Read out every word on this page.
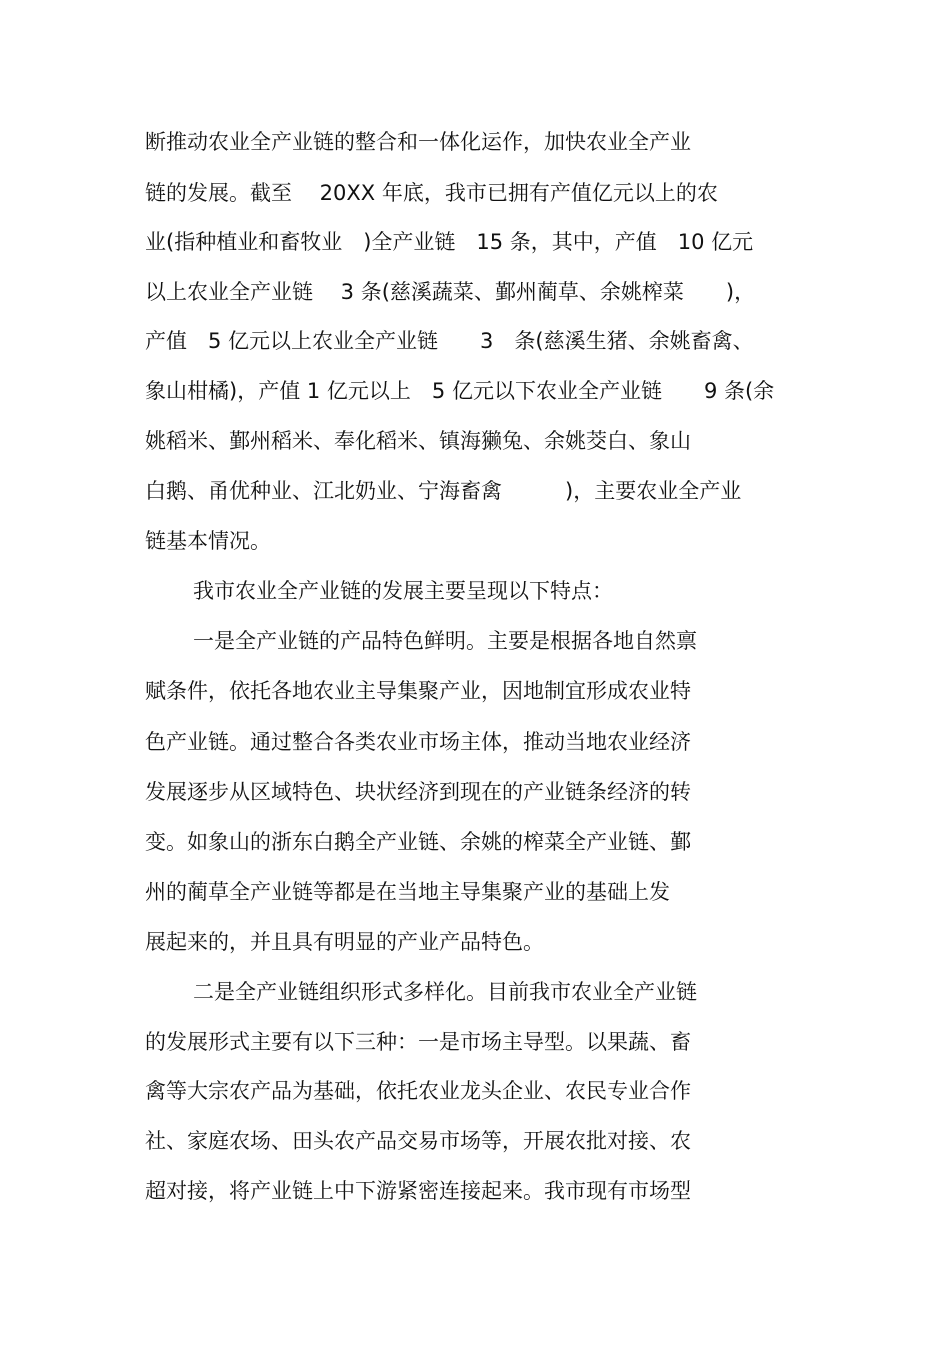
断推动农业全产业链的整合和一体化运作，加快农业全产业
链的发展。截至　 20XX 年底，我市已拥有产值亿元以上的农
业(指种植业和畜牧业　)全产业链　15 条，其中，产值　10 亿元
以上农业全产业链　 3 条(慈溪蔬菜、鄞州蔺草、余姚榨菜　　)，
产值　5 亿元以上农业全产业链　　3　条(慈溪生猪、余姚畜禽、
象山柑橘)，产值 1 亿元以上　5 亿元以下农业全产业链　　9 条(余
姚稻米、鄞州稻米、奉化稻米、镇海獭兔、余姚茭白、象山
白鹅、甬优种业、江北奶业、宁海畜禽　　　)，主要农业全产业
链基本情况。
我市农业全产业链的发展主要呈现以下特点：
一是全产业链的产品特色鲜明。主要是根据各地自然禀
赋条件，依托各地农业主导集聚产业，因地制宜形成农业特
色产业链。通过整合各类农业市场主体，推动当地农业经济
发展逐步从区域特色、块状经济到现在的产业链条经济的转
变。如象山的浙东白鹅全产业链、余姚的榨菜全产业链、鄞
州的蔺草全产业链等都是在当地主导集聚产业的基础上发
展起来的，并且具有明显的产业产品特色。
二是全产业链组织形式多样化。目前我市农业全产业链
的发展形式主要有以下三种：一是市场主导型。以果蔬、畜
禽等大宗农产品为基础，依托农业龙头企业、农民专业合作
社、家庭农场、田头农产品交易市场等，开展农批对接、农
超对接，将产业链上中下游紧密连接起来。我市现有市场型
